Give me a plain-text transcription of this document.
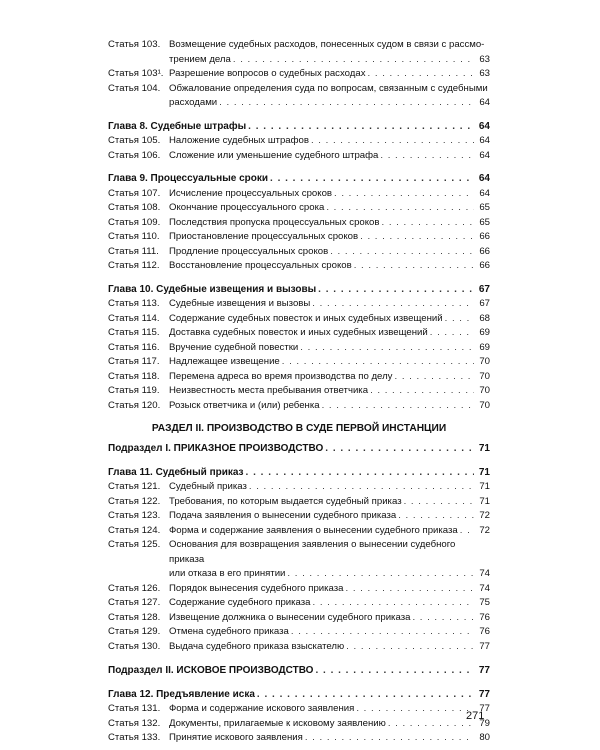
Статья 103. Возмещение судебных расходов, понесенных судом в связи с рассмо-
трением дела . . .	63
Статья 103¹. Разрешение вопросов о судебных расходах . . .	63
Статья 104. Обжалование определения суда по вопросам, связанным с судебными
расходами . . .	64
Глава 8. Судебные штрафы . . .	64
Статья 105. Наложение судебных штрафов . . .	64
Статья 106. Сложение или уменьшение судебного штрафа . . .	64
Глава 9. Процессуальные сроки . . .	64
Статья 107. Исчисление процессуальных сроков . . .	64
Статья 108. Окончание процессуального срока . . .	65
Статья 109. Последствия пропуска процессуальных сроков . . .	65
Статья 110. Приостановление процессуальных сроков . . .	66
Статья 111.	Продление процессуальных сроков . . .	66
Статья 112. Восстановление процессуальных сроков . . .	66
Глава 10. Судебные извещения и вызовы . . .	67
Статья 113. Судебные извещения и вызовы . . .	67
Статья 114. Содержание судебных повесток и иных судебных извещений . . .	68
Статья 115. Доставка судебных повесток и иных судебных извещений . . .	69
Статья 116. Вручение судебной повестки . . .	69
Статья 117. Надлежащее извещение . . .	70
Статья 118. Перемена адреса во время производства по делу . . .	70
Статья 119. Неизвестность места пребывания ответчика . . .	70
Статья 120. Розыск ответчика и (или) ребенка . . .	70
РАЗДЕЛ II. ПРОИЗВОДСТВО В СУДЕ ПЕРВОЙ ИНСТАНЦИИ
Подраздел I. ПРИКАЗНОЕ ПРОИЗВОДСТВО . . .	71
Глава 11. Судебный приказ . . .	71
Статья 121. Судебный приказ . . .	71
Статья 122. Требования, по которым выдается судебный приказ . . .	71
Статья 123. Подача заявления о вынесении судебного приказа . . .	72
Статья 124. Форма и содержание заявления о вынесении судебного приказа . . .	72
Статья 125. Основания для возвращения заявления о вынесении судебного приказа
или отказа в его принятии . . .	74
Статья 126. Порядок вынесения судебного приказа . . .	74
Статья 127. Содержание судебного приказа . . .	75
Статья 128. Извещение должника о вынесении судебного приказа . . .	76
Статья 129. Отмена судебного приказа . . .	76
Статья 130. Выдача судебного приказа взыскателю . . .	77
Подраздел II. ИСКОВОЕ ПРОИЗВОДСТВО . . .	77
Глава 12. Предъявление иска . . .	77
Статья 131. Форма и содержание искового заявления . . .	77
Статья 132. Документы, прилагаемые к исковому заявлению . . .	79
Статья 133. Принятие искового заявления . . .	80
271
